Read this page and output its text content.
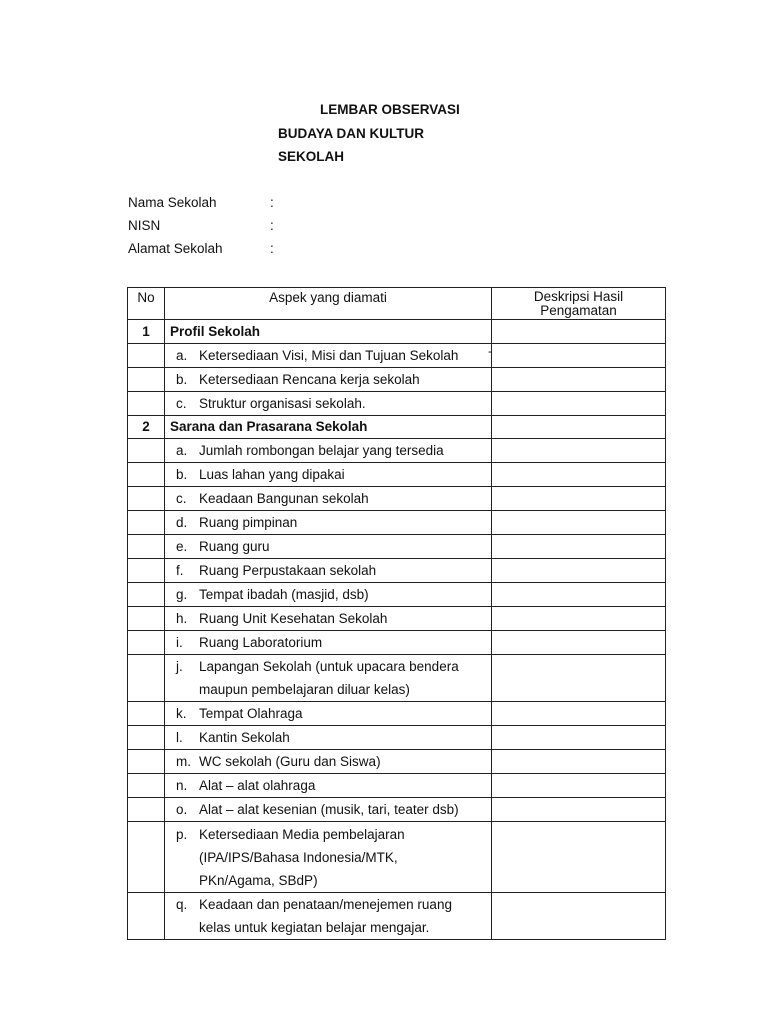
LEMBAR OBSERVASI
BUDAYA DAN KULTUR
SEKOLAH
Nama Sekolah	:
NISN	:
Alamat Sekolah	:
No	Aspek yang diamati	Deskripsi Hasil
Pengamatan

1	Profil Sekolah	

	a. Ketersediaan Visi, Misi dan Tujuan Sekolah -	

	b. Ketersediaan Rencana kerja sekolah	

	c. Struktur organisasi sekolah.	

2	Sarana dan Prasarana Sekolah	

	a. Jumlah rombongan belajar yang tersedia	

	b. Luas lahan yang dipakai	

	c. Keadaan Bangunan sekolah	

	d. Ruang pimpinan	

	e. Ruang guru	

	f. Ruang Perpustakaan sekolah	

	g. Tempat ibadah (masjid, dsb)	

	h. Ruang Unit Kesehatan Sekolah	

	i. Ruang Laboratorium	

	j. Lapangan Sekolah (untuk upacara bendera
maupun pembelajaran diluar kelas)	

	k. Tempat Olahraga	

	l. Kantin Sekolah	

	m. WC sekolah (Guru dan Siswa)	

	n. Alat – alat olahraga	

	o. Alat – alat kesenian (musik, tari, teater dsb)	

	p. Ketersediaan Media pembelajaran
(IPA/IPS/Bahasa Indonesia/MTK,
PKn/Agama, SBdP)	

	q. Keadaan dan penataan/menejemen ruang
kelas untuk kegiatan belajar mengajar.	
